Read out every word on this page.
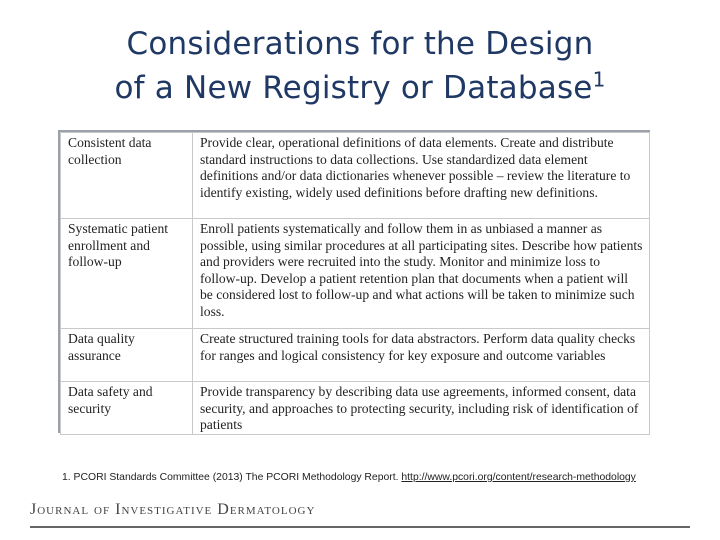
Considerations for the Design
of a New Registry or Database$^1$
Consistent data collection	Provide clear, operational definitions of data elements. Create and distribute standard instructions to data collections. Use standardized data element definitions and/or data dictionaries whenever possible – review the literature to identify existing, widely used definitions before drafting new definitions.
Systematic patient enrollment and follow-up	Enroll patients systematically and follow them in as unbiased a manner as possible, using similar procedures at all participating sites. Describe how patients and providers were recruited into the study. Monitor and minimize loss to follow-up. Develop a patient retention plan that documents when a patient will be considered lost to follow-up and what actions will be taken to minimize such loss.
Data quality assurance	Create structured training tools for data abstractors. Perform data quality checks for ranges and logical consistency for key exposure and outcome variables
Data safety and security	Provide transparency by describing data use agreements, informed consent, data security, and approaches to protecting security, including risk of identification of patients
1. PCORI Standards Committee (2013) The PCORI Methodology Report. http://www.pcori.org/content/research-methodology
Journal of Investigative Dermatology
